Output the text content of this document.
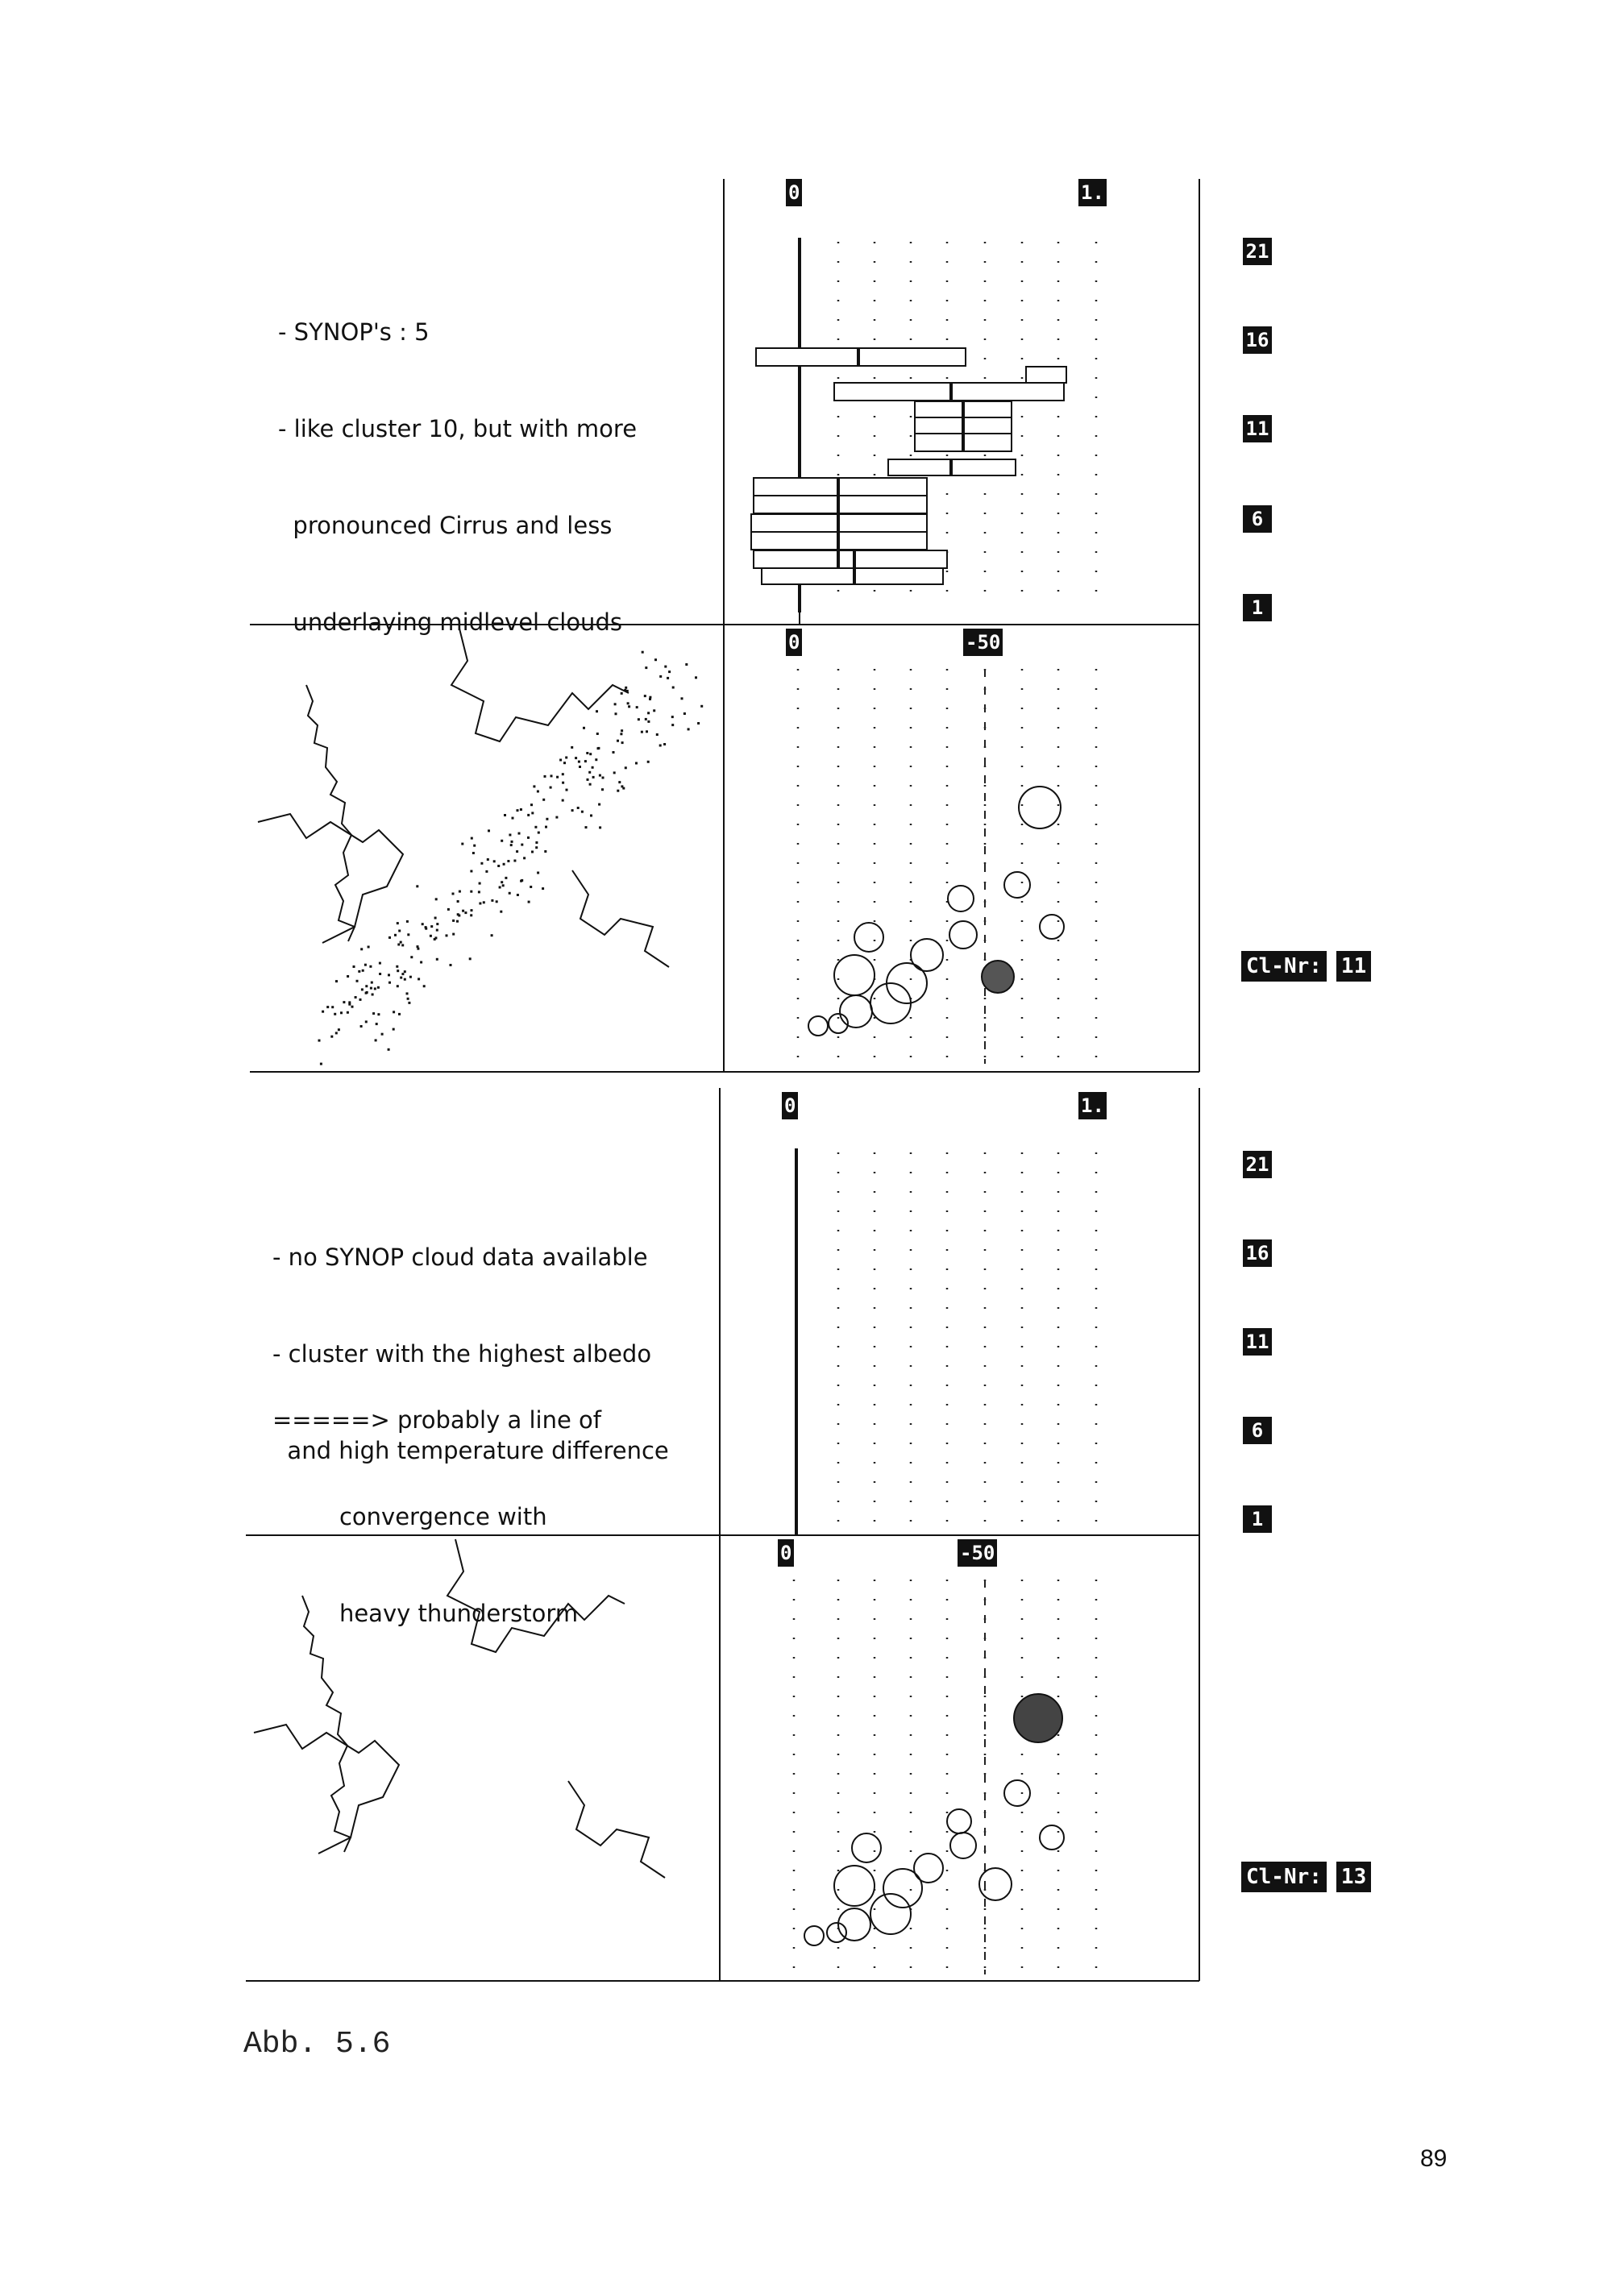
- SYNOP's : 5

- like cluster 10, but with more

pronounced Cirrus and less

underlaying midlevel clouds

- no SYNOP cloud data available

- cluster with the highest albedo

and high temperature difference

=====> probably a line of

convergence with

heavy thunderstorm

0	1.
0	-50
0	1.
0	-50
21
16
11
6
1
21
16
11
6
1
Cl-Nr: 11
Cl-Nr: 13
Abb. 5.6
89
